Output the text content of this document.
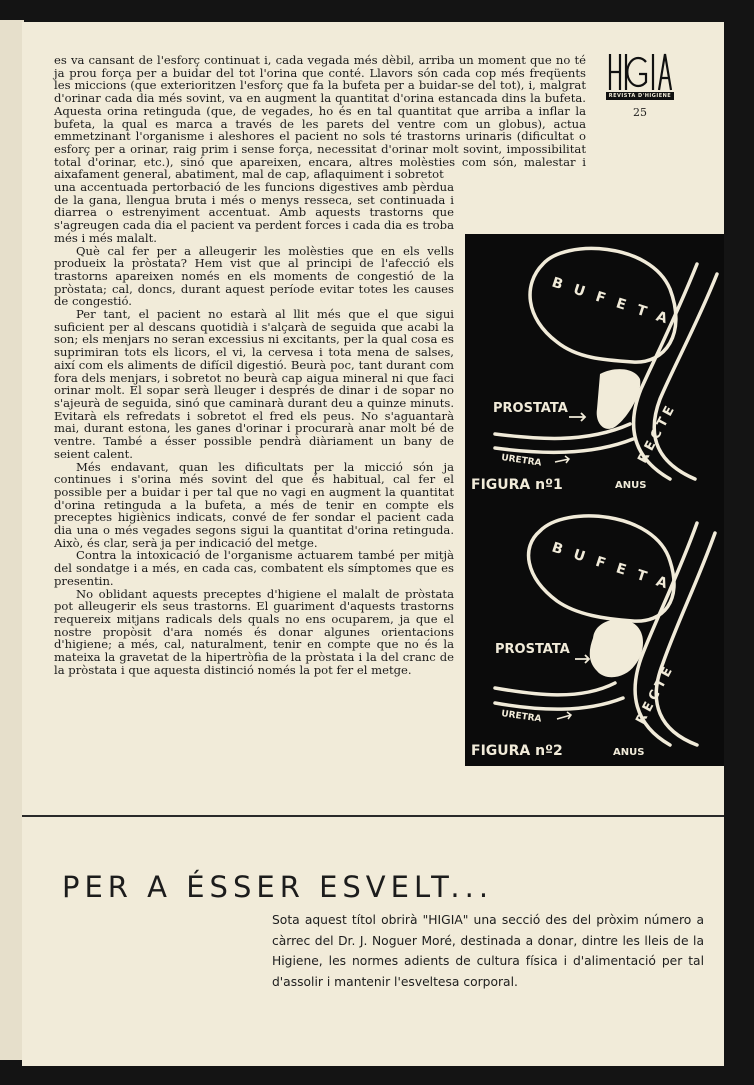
REVISTA D'HIGIENE
25

es va cansant de l'esforç continuat i, cada vegada més dèbil, arriba un moment que no té ja prou força per a buidar del tot l'orina que conté. Llavors són cada cop més freqüents les miccions (que exterioritzen l'esforç que fa la bufeta per a buidar-se del tot), i, malgrat d'orinar cada dia més sovint, va en augment la quantitat d'orina estancada dins la bufeta. Aquesta orina retinguda (que, de vegades, ho és en tal quantitat que arriba a inflar la bufeta, la qual es marca a través de les parets del ventre com un globus), actua emmetzinant l'organisme i aleshores el pacient no sols té trastorns urinaris (dificultat o esforç per a orinar, raig prim i sense força, necessitat d'orinar molt sovint, impossibilitat total d'orinar, etc.), sinó que apareixen, encara, altres molèsties com són, malestar i aixafament general, abatiment, mal de cap, aflaquiment i sobretot

una accentuada pertorbació de les funcions digestives amb pèrdua de la gana, llengua bruta i més o menys resseca, set continuada i diarrea o estrenyiment accentuat. Amb aquests trastorns que s'agreugen cada dia el pacient va perdent forces i cada dia es troba més i més malalt.

Què cal fer per a alleugerir les molèsties que en els vells produeix la pròstata? Hem vist que al principi de l'afecció els trastorns apareixen només en els moments de congestió de la pròstata; cal, doncs, durant aquest període evitar totes les causes de congestió.

Per tant, el pacient no estarà al llit més que el que sigui suficient per al descans quotidià i s'alçarà de seguida que acabi la son; els menjars no seran excessius ni excitants, per la qual cosa es suprimiran tots els licors, el vi, la cervesa i tota mena de salses, així com els aliments de difícil digestió. Beurà poc, tant durant com fora dels menjars, i sobretot no beurà cap aigua mineral ni que faci orinar molt. El sopar serà lleuger i després de dinar i de sopar no s'ajeurà de seguida, sinó que caminarà durant deu a quinze minuts. Evitarà els refredats i sobretot el fred els peus. No s'aguantarà mai, durant estona, les ganes d'orinar i procurarà anar molt bé de ventre. També a ésser possible pendrà diàriament un bany de seient calent.

Més endavant, quan les dificultats per la micció són ja continues i s'orina més sovint del que és habitual, cal fer el possible per a buidar i per tal que no vagi en augment la quantitat d'orina retinguda a la bufeta, a més de tenir en compte els preceptes higiènics indicats, convé de fer sondar el pacient cada dia una o més vegades segons sigui la quantitat d'orina retinguda. Això, és clar, serà ja per indicació del metge.

Contra la intoxicació de l'organisme actuarem també per mitjà del sondatge i a més, en cada cas, combatent els símptomes que es presentin.

No oblidant aquests preceptes d'higiene el malalt de pròstata pot alleugerir els seus trastorns. El guariment d'aquests trastorns requereix mitjans radicals dels quals no ens ocuparem, ja que el nostre propòsit d'ara només és donar algunes orientacions d'higiene; a més, cal, naturalment, tenir en compte que no és la mateixa la gravetat de la hipertròfia de la pròstata i la del cranc de la pròstata i que aquesta distinció només la pot fer el metge.

BUFETA
PROSTATA
URETRA	RECTE
FIGURA nº1	ANUS
BUFETA
PROSTATA
URETRA	RECTE
FIGURA nº2	ANUS
PER A ÉSSER ESVELT...

Sota aquest títol obrirà "HIGIA" una secció des del pròxim número a càrrec del Dr. J. Noguer Moré, destinada a donar, dintre les lleis de la Higiene, les normes adients de cultura física i d'alimentació per tal d'assolir i mantenir l'esveltesa corporal.
